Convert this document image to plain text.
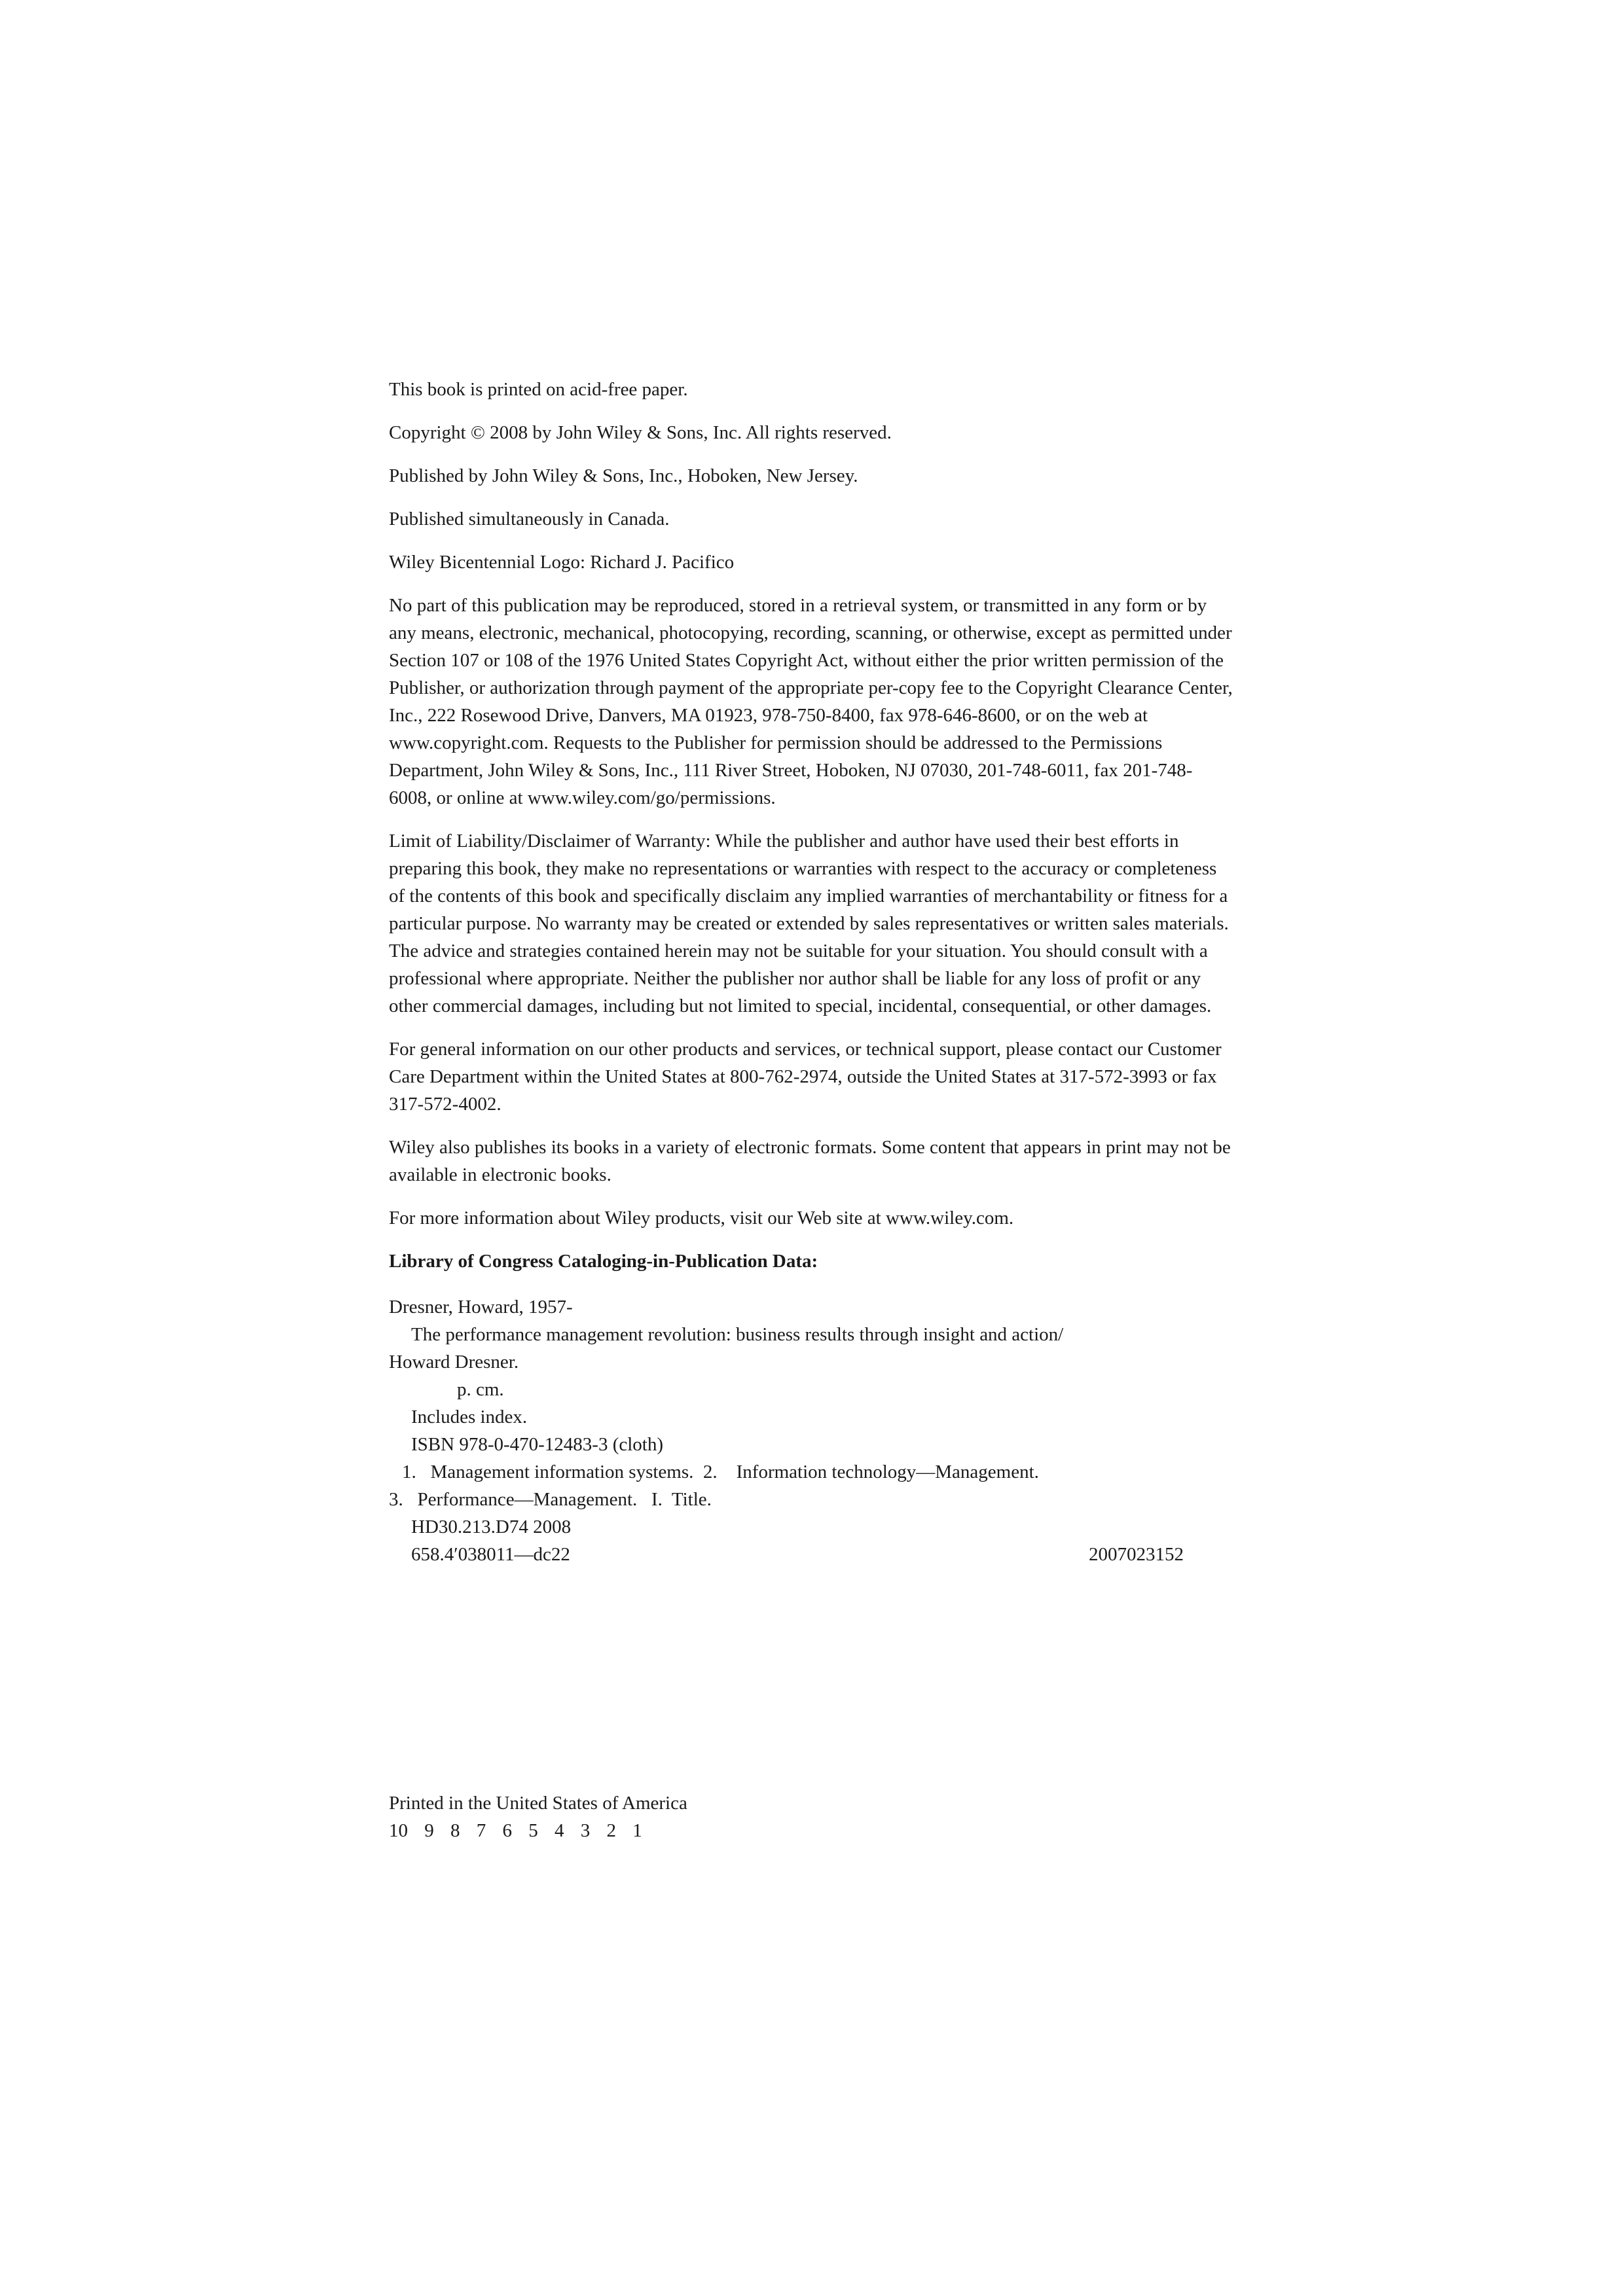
This book is printed on acid-free paper.

Copyright © 2008 by John Wiley & Sons, Inc. All rights reserved.

Published by John Wiley & Sons, Inc., Hoboken, New Jersey.

Published simultaneously in Canada.

Wiley Bicentennial Logo: Richard J. Pacifico

No part of this publication may be reproduced, stored in a retrieval system, or transmitted in any form or by any means, electronic, mechanical, photocopying, recording, scanning, or otherwise, except as permitted under Section 107 or 108 of the 1976 United States Copyright Act, without either the prior written permission of the Publisher, or authorization through payment of the appropriate per-copy fee to the Copyright Clearance Center, Inc., 222 Rosewood Drive, Danvers, MA 01923, 978-750-8400, fax 978-646-8600, or on the web at www.copyright.com. Requests to the Publisher for permission should be addressed to the Permissions Department, John Wiley & Sons, Inc., 111 River Street, Hoboken, NJ 07030, 201-748-6011, fax 201-748-6008, or online at www.wiley.com/go/permissions.

Limit of Liability/Disclaimer of Warranty: While the publisher and author have used their best efforts in preparing this book, they make no representations or warranties with respect to the accuracy or completeness of the contents of this book and specifically disclaim any implied warranties of merchantability or fitness for a particular purpose. No warranty may be created or extended by sales representatives or written sales materials. The advice and strategies contained herein may not be suitable for your situation. You should consult with a professional where appropriate. Neither the publisher nor author shall be liable for any loss of profit or any other commercial damages, including but not limited to special, incidental, consequential, or other damages.

For general information on our other products and services, or technical support, please contact our Customer Care Department within the United States at 800-762-2974, outside the United States at 317-572-3993 or fax 317-572-4002.

Wiley also publishes its books in a variety of electronic formats. Some content that appears in print may not be available in electronic books.

For more information about Wiley products, visit our Web site at www.wiley.com.

Library of Congress Cataloging-in-Publication Data:

Dresner, Howard, 1957-

The performance management revolution: business results through insight and action/

Howard Dresner.

p. cm.

Includes index.

ISBN 978-0-470-12483-3 (cloth)

1.   Management information systems.  2.    Information technology—Management.

3.   Performance—Management.   I.  Title.

HD30.213.D74 2008

658.4′038011—dc22	2007023152
Printed in the United States of America
10 9 8 7 6 5 4 3 2 1
